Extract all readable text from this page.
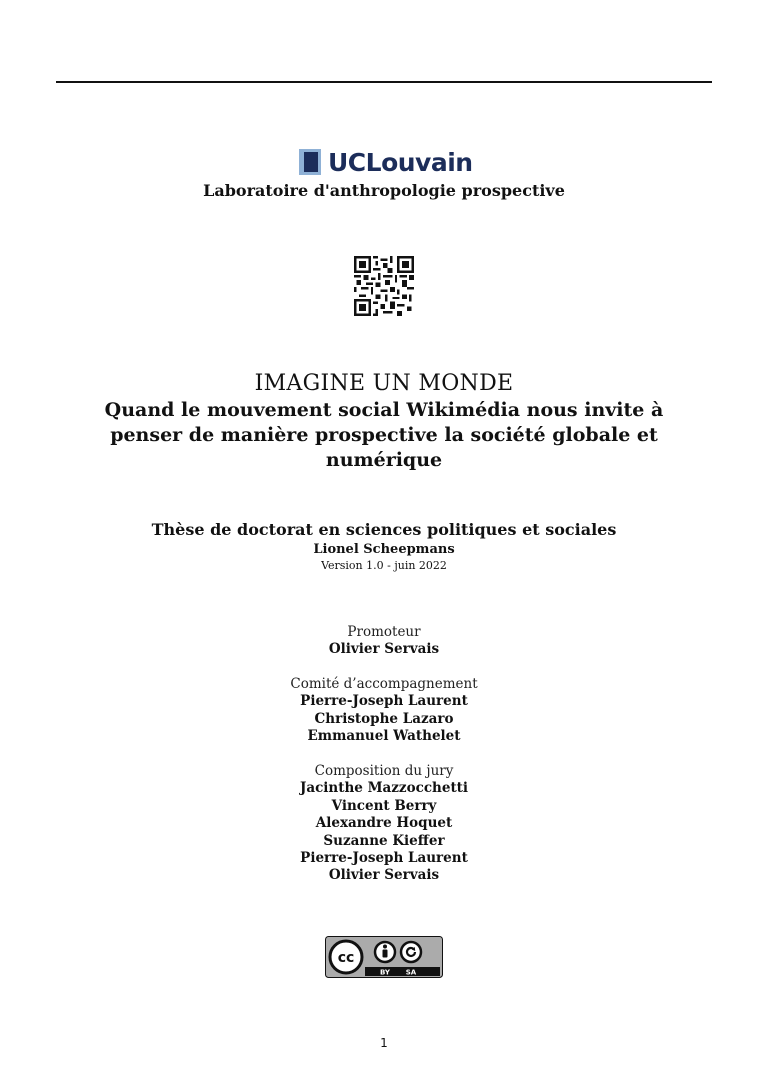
UCLouvain
Laboratoire d'anthropologie prospective
IMAGINE UN MONDE
Quand le mouvement social Wikimédia nous invite à penser de manière prospective la société globale et numérique
Thèse de doctorat en sciences politiques et sociales
Lionel Scheepmans
Version 1.0 - juin 2022
Promoteur
Olivier Servais
Comité d’accompagnement
Pierre-Joseph Laurent
Christophe Lazaro
Emmanuel Wathelet
Composition du jury
Jacinthe Mazzocchetti
Vincent Berry
Alexandre Hoquet
Suzanne Kieffer
Pierre-Joseph Laurent
Olivier Servais
cc
BY SA
1
